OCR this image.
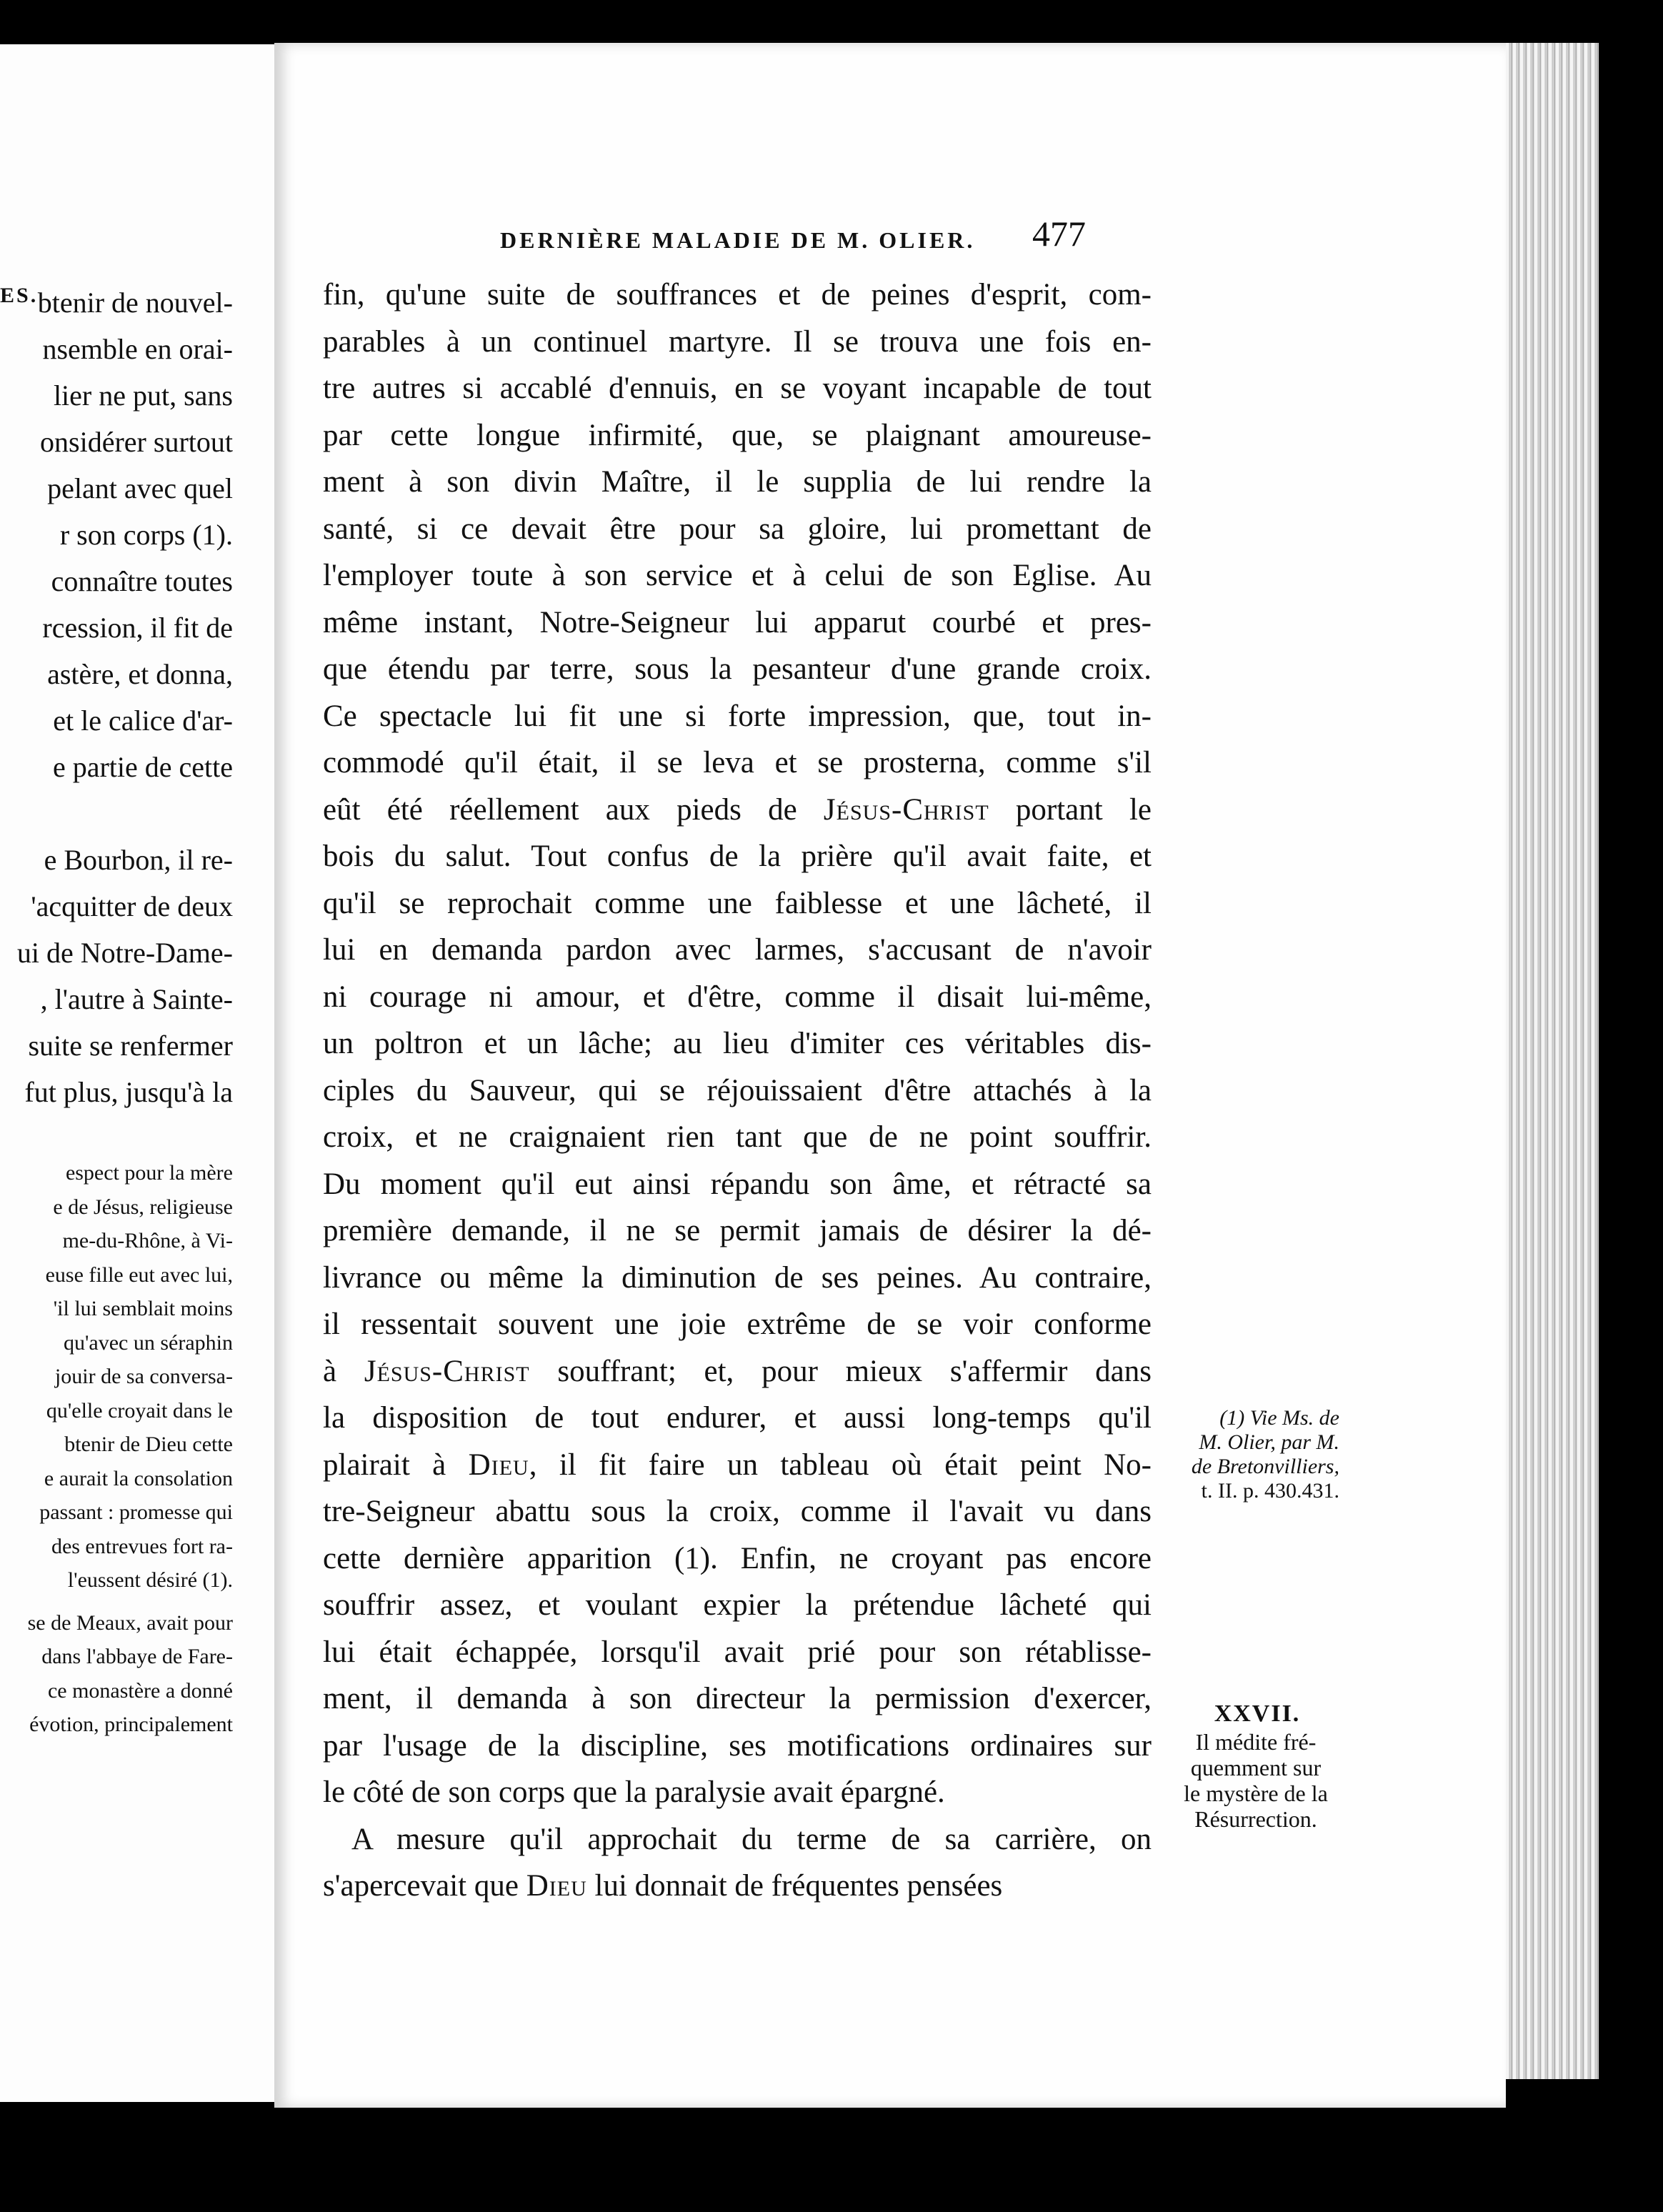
ES. btenir de nouvel-
nsemble en orai-
lier ne put, sans
onsidérer surtout
pelant avec quel
r son corps (1).
connaître toutes
rcession, il fit de
astère, et donna,
et le calice d'ar-
e partie de cette
e Bourbon, il re-
'acquitter de deux
ui de Notre-Dame-
, l'autre à Sainte-
suite se renfermer
fut plus, jusqu'à la
espect pour la mère
e de Jésus, religieuse
me-du-Rhône, à Vi-
euse fille eut avec lui,
'il lui semblait moins
qu'avec un séraphin
jouir de sa conversa-
qu'elle croyait dans le
btenir de Dieu cette
e aurait la consolation
passant : promesse qui
des entrevues fort ra-
l'eussent désiré (1).
se de Meaux, avait pour
dans l'abbaye de Fare-
ce monastère a donné
évotion, principalement
DERNIÈRE MALADIE DE M. OLIER. 477
fin, qu'une suite de souffrances et de peines d'esprit, com-
parables à un continuel martyre. Il se trouva une fois en-
tre autres si accablé d'ennuis, en se voyant incapable de tout
par cette longue infirmité, que, se plaignant amoureuse-
ment à son divin Maître, il le supplia de lui rendre la
santé, si ce devait être pour sa gloire, lui promettant de
l'employer toute à son service et à celui de son Eglise. Au
même instant, Notre-Seigneur lui apparut courbé et pres-
que étendu par terre, sous la pesanteur d'une grande croix.
Ce spectacle lui fit une si forte impression, que, tout in-
commodé qu'il était, il se leva et se prosterna, comme s'il
eût été réellement aux pieds de Jésus-Christ portant le
bois du salut. Tout confus de la prière qu'il avait faite, et
qu'il se reprochait comme une faiblesse et une lâcheté, il
lui en demanda pardon avec larmes, s'accusant de n'avoir
ni courage ni amour, et d'être, comme il disait lui-même,
un poltron et un lâche; au lieu d'imiter ces véritables dis-
ciples du Sauveur, qui se réjouissaient d'être attachés à la
croix, et ne craignaient rien tant que de ne point souffrir.
Du moment qu'il eut ainsi répandu son âme, et rétracté sa
première demande, il ne se permit jamais de désirer la dé-
livrance ou même la diminution de ses peines. Au contraire,
il ressentait souvent une joie extrême de se voir conforme
à Jésus-Christ souffrant; et, pour mieux s'affermir dans
la disposition de tout endurer, et aussi long-temps qu'il
plairait à Dieu, il fit faire un tableau où était peint No-
tre-Seigneur abattu sous la croix, comme il l'avait vu dans
cette dernière apparition (1). Enfin, ne croyant pas encore
souffrir assez, et voulant expier la prétendue lâcheté qui
lui était échappée, lorsqu'il avait prié pour son rétablisse-
ment, il demanda à son directeur la permission d'exercer,
par l'usage de la discipline, ses motifications ordinaires sur
le côté de son corps que la paralysie avait épargné.
A mesure qu'il approchait du terme de sa carrière, on
s'apercevait que Dieu lui donnait de fréquentes pensées
(1) Vie Ms. de
M. Olier, par M.
de Bretonvilliers,
t. II. p. 430.431.
XXVII.
Il médite fré-
quemment sur
le mystère de la
Résurrection.
